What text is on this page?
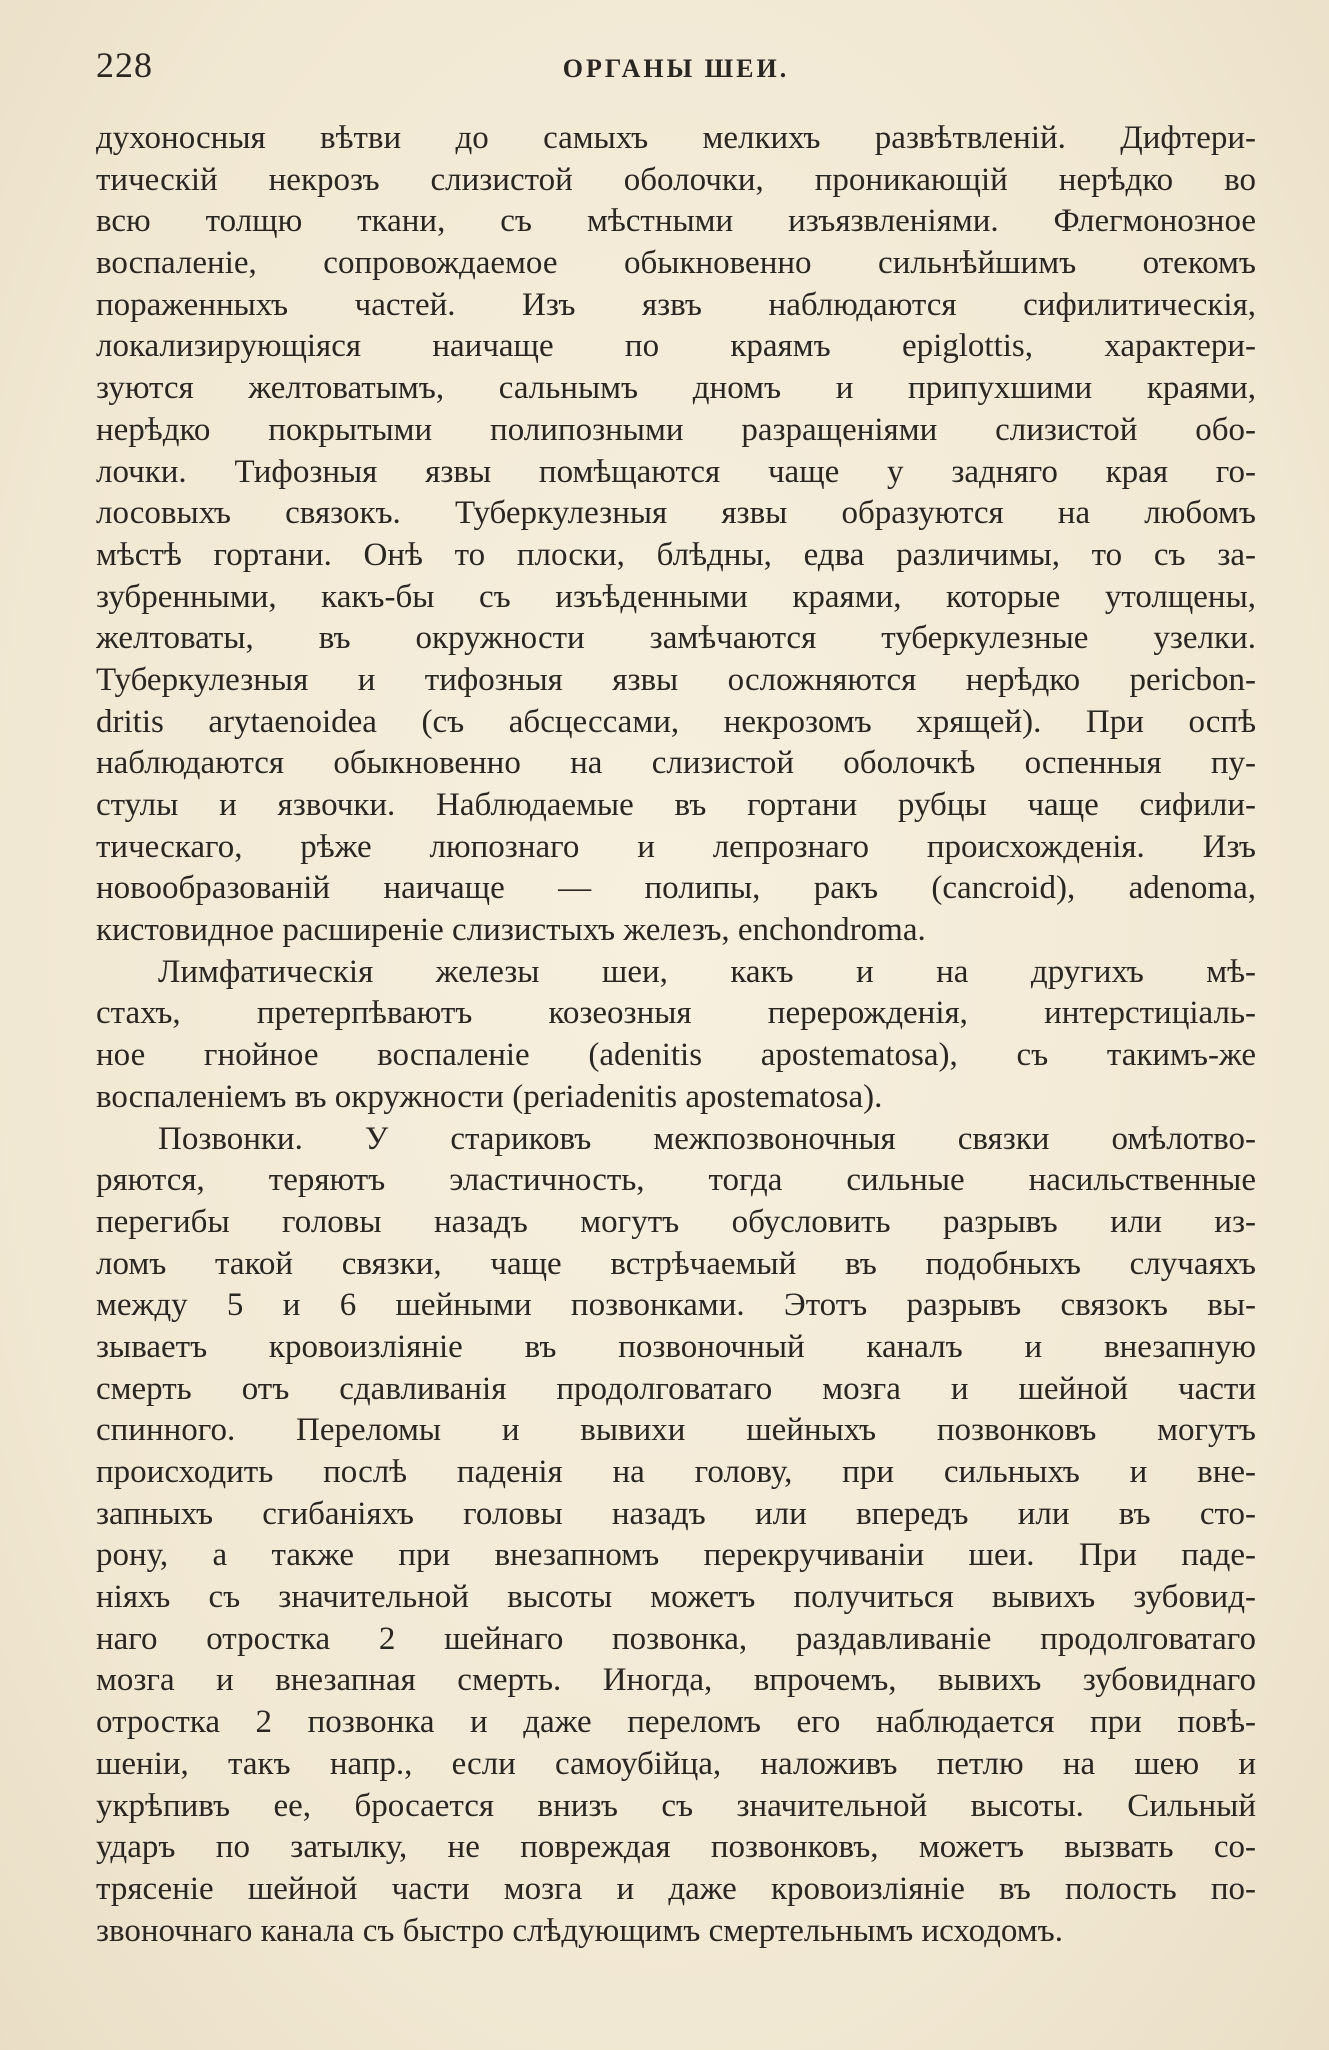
228	ОРГАНЫ ШЕИ.
духоносныя вѣтви до самыхъ мелкихъ развѣтвленій. Дифтери-
тическій некрозъ слизистой оболочки, проникающій нерѣдко во
всю толщю ткани, съ мѣстными изъязвленіями. Флегмонозное
воспаленіе, сопровождаемое обыкновенно сильнѣйшимъ отекомъ
пораженныхъ частей. Изъ язвъ наблюдаются сифилитическія,
локализирующіяся наичаще по краямъ epiglottis, характери-
зуются желтоватымъ, сальнымъ дномъ и припухшими краями,
нерѣдко покрытыми полипозными разращеніями слизистой обо-
лочки. Тифозныя язвы помѣщаются чаще у задняго края го-
лосовыхъ связокъ. Туберкулезныя язвы образуются на любомъ
мѣстѣ гортани. Онѣ то плоски, блѣдны, едва различимы, то съ за-
зубренными, какъ-бы съ изъѣденными краями, которые утолщены,
желтоваты, въ окружности замѣчаются туберкулезные узелки.
Туберкулезныя и тифозныя язвы осложняются нерѣдко pericbon-
dritis arytaenoidea (съ абсцессами, некрозомъ хрящей). При оспѣ
наблюдаются обыкновенно на слизистой оболочкѣ оспенныя пу-
стулы и язвочки. Наблюдаемые въ гортани рубцы чаще сифили-
тическаго, рѣже люпознаго и лепрознаго происхожденія. Изъ
новообразованій наичаще — полипы, ракъ (cancroid), adenoma,
кистовидное расширеніе слизистыхъ железъ, enchondroma.
Лимфатическія железы шеи, какъ и на другихъ мѣ-
стахъ, претерпѣваютъ козеозныя перерожденія, интерстиціаль-
ное гнойное воспаленіе (adenitis apostematosa), съ такимъ-же
воспаленіемъ въ окружности (periadenitis apostematosa).
Позвонки. У стариковъ межпозвоночныя связки омѣлотво-
ряются, теряютъ эластичность, тогда сильные насильственные
перегибы головы назадъ могутъ обусловить разрывъ или из-
ломъ такой связки, чаще встрѣчаемый въ подобныхъ случаяхъ
между 5 и 6 шейными позвонками. Этотъ разрывъ связокъ вы-
зываетъ кровоизліяніе въ позвоночный каналъ и внезапную
смерть отъ сдавливанія продолговатаго мозга и шейной части
спинного. Переломы и вывихи шейныхъ позвонковъ могутъ
происходить послѣ паденія на голову, при сильныхъ и вне-
запныхъ сгибаніяхъ головы назадъ или впередъ или въ сто-
рону, а также при внезапномъ перекручиваніи шеи. При паде-
ніяхъ съ значительной высоты можетъ получиться вывихъ зубовид-
наго отростка 2 шейнаго позвонка, раздавливаніе продолговатаго
мозга и внезапная смерть. Иногда, впрочемъ, вывихъ зубовиднаго
отростка 2 позвонка и даже переломъ его наблюдается при повѣ-
шеніи, такъ напр., если самоубійца, наложивъ петлю на шею и
укрѣпивъ ее, бросается внизъ съ значительной высоты. Сильный
ударъ по затылку, не повреждая позвонковъ, можетъ вызвать со-
трясеніе шейной части мозга и даже кровоизліяніе въ полость по-
звоночнаго канала съ быстро слѣдующимъ смертельнымъ исходомъ.
